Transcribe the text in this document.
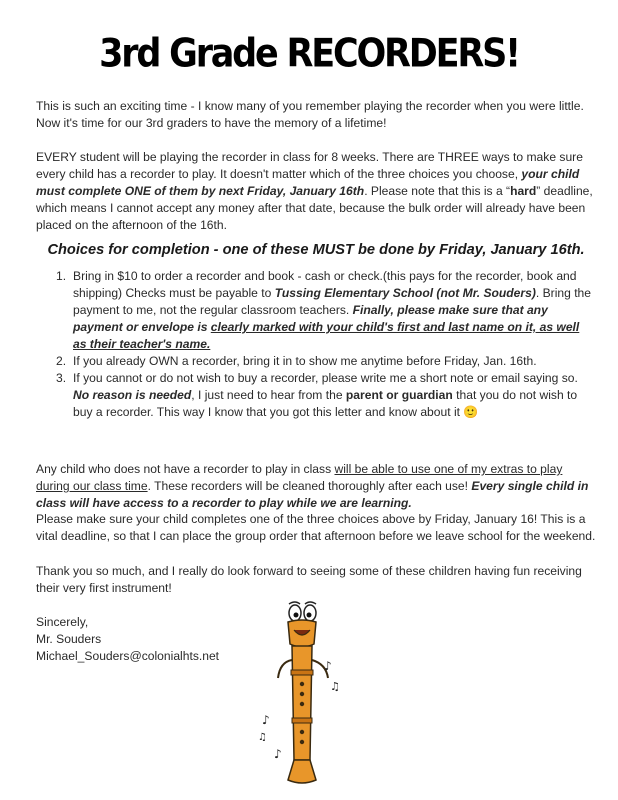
3rd Grade RECORDERS!

This is such an exciting time - I know many of you remember playing the recorder when you were little. Now it's time for our 3rd graders to have the memory of a lifetime!

EVERY student will be playing the recorder in class for 8 weeks. There are THREE ways to make sure every child has a recorder to play. It doesn't matter which of the three choices you choose, your child must complete ONE of them by next Friday, January 16th. Please note that this is a “hard” deadline, which means I cannot accept any money after that date, because the bulk order will already have been placed on the afternoon of the 16th.

Choices for completion - one of these MUST be done by Friday, January 16th.

1. Bring in $10 to order a recorder and book - cash or check.(this pays for the recorder, book and shipping) Checks must be payable to Tussing Elementary School (not Mr. Souders). Bring the payment to me, not the regular classroom teachers. Finally, please make sure that any payment or envelope is clearly marked with your child's first and last name on it, as well as their teacher's name.
2. If you already OWN a recorder, bring it in to show me anytime before Friday, Jan. 16th.
3. If you cannot or do not wish to buy a recorder, please write me a short note or email saying so. No reason is needed, I just need to hear from the parent or guardian that you do not wish to buy a recorder. This way I know that you got this letter and know about it 🙂

Any child who does not have a recorder to play in class will be able to use one of my extras to play during our class time. These recorders will be cleaned thoroughly after each use! Every single child in class will have access to a recorder to play while we are learning.

Please make sure your child completes one of the three choices above by Friday, January 16! This is a vital deadline, so that I can place the group order that afternoon before we leave school for the weekend.

Thank you so much, and I really do look forward to seeing some of these children having fun receiving their very first instrument!

Sincerely,
Mr. Souders
Michael_Souders@colonialhts.net
♪
♫
♪
♫
♪
